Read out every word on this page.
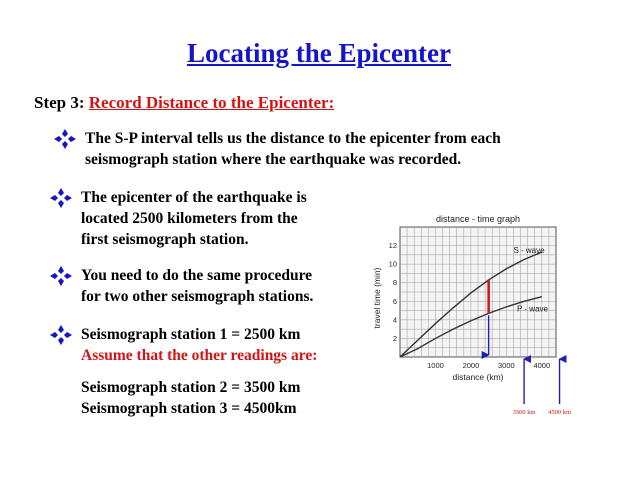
Locating the Epicenter
Step 3: Record Distance to the Epicenter:
The S-P interval tells us the distance to the epicenter from each
seismograph station where the earthquake was recorded.
The epicenter of the earthquake is
located 2500 kilometers from the
first seismograph station.
You need to do the same procedure
for two other seismograph stations.
Seismograph station 1 = 2500 km
Assume that the other readings are:
Seismograph station 2 = 3500 km
Seismograph station 3 = 4500km
distance - time graph
1000	2000	3000	4000
2
4
6
8
10
12
distance (km)
travel time (min)
S - wave
P - wave
3500 km 4500 km
